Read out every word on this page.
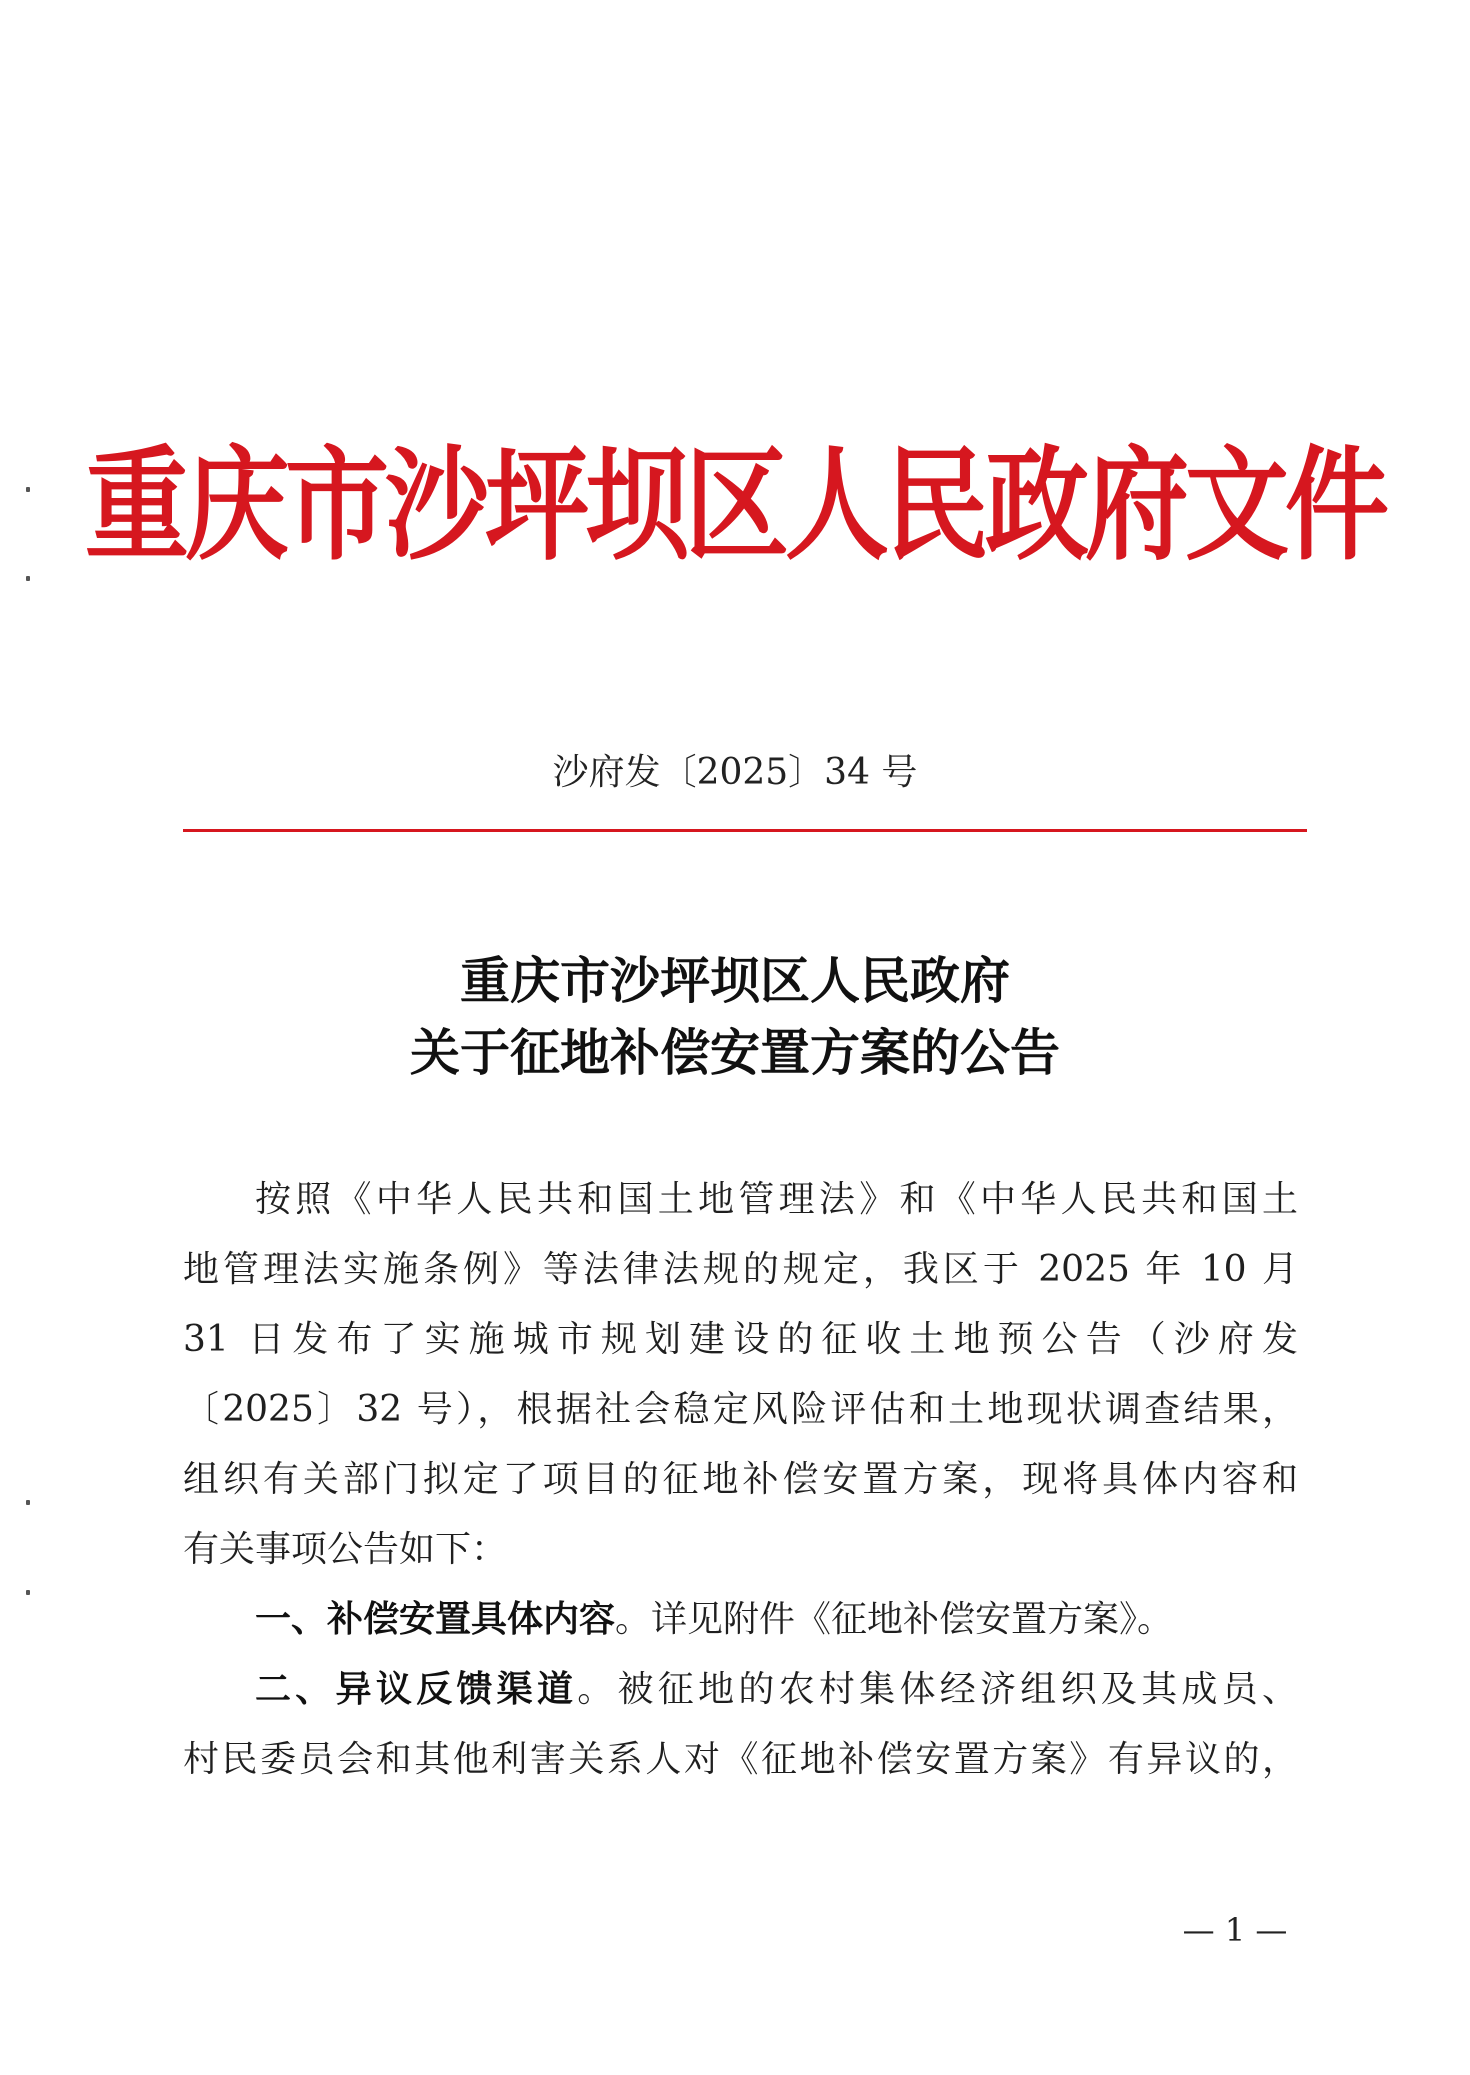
重庆市沙坪坝区人民政府文件
沙府发〔2025〕34 号
重庆市沙坪坝区人民政府
关于征地补偿安置方案的公告
按照《中华人民共和国土地管理法》和《中华人民共和国土
地管理法实施条例》等法律法规的规定，我区于 2025 年 10 月
31 日发布了实施城市规划建设的征收土地预公告（沙府发
〔2025〕32 号），根据社会稳定风险评估和土地现状调查结果，
组织有关部门拟定了项目的征地补偿安置方案，现将具体内容和
有关事项公告如下：
一、补偿安置具体内容。详见附件《征地补偿安置方案》。
二、异议反馈渠道。被征地的农村集体经济组织及其成员、
村民委员会和其他利害关系人对《征地补偿安置方案》有异议的，
— 1 —
